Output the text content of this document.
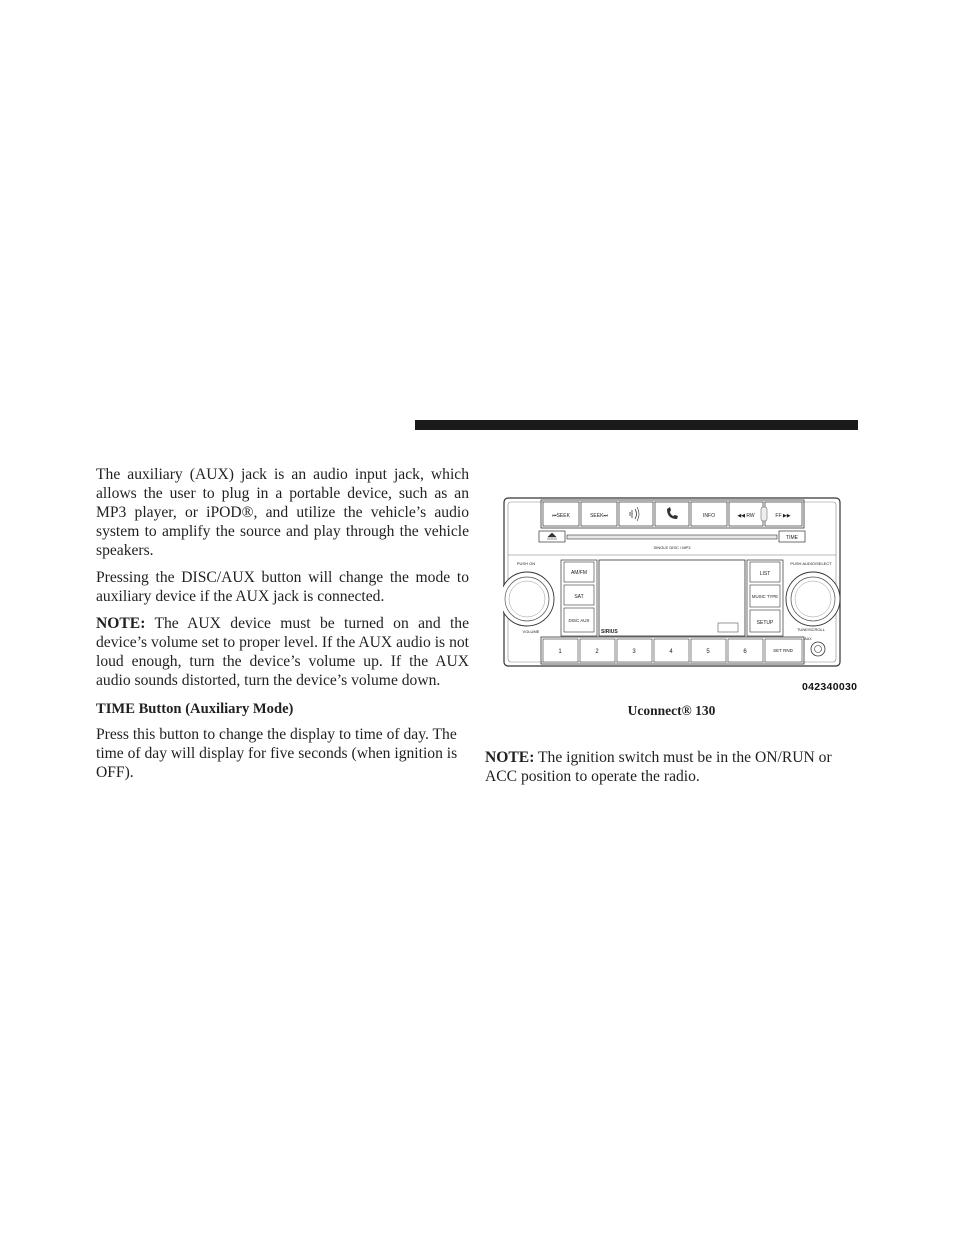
The auxiliary (AUX) jack is an audio input jack, which allows the user to plug in a portable device, such as an MP3 player, or iPOD®, and utilize the vehicle’s audio system to amplify the source and play through the vehicle speakers.

Pressing the DISC/AUX button will change the mode to auxiliary device if the AUX jack is connected.

NOTE: The AUX device must be turned on and the device’s volume set to proper level. If the AUX audio is not loud enough, turn the device’s volume up. If the AUX audio sounds distorted, turn the device’s volume down.

TIME Button (Auxiliary Mode)

Press this button to change the display to time of day. The time of day will display for five seconds (when ignition is OFF).

⏮SEEK	SEEK⏭	INFO	◀◀ RW	FF ▶▶
SINGLE DISC / MP3
TIME
PUSH ON
VOLUME
PUSH AUDIO/SELECT
TUNE/SCROLL
AM/FM
SAT
DISC AUX
SIRIUS
LIST
MUSIC TYPE
SETUP
1	2	3	4	5	6	SET RND
AUX
042340030
Uconnect® 130

NOTE: The ignition switch must be in the ON/RUN or ACC position to operate the radio.
